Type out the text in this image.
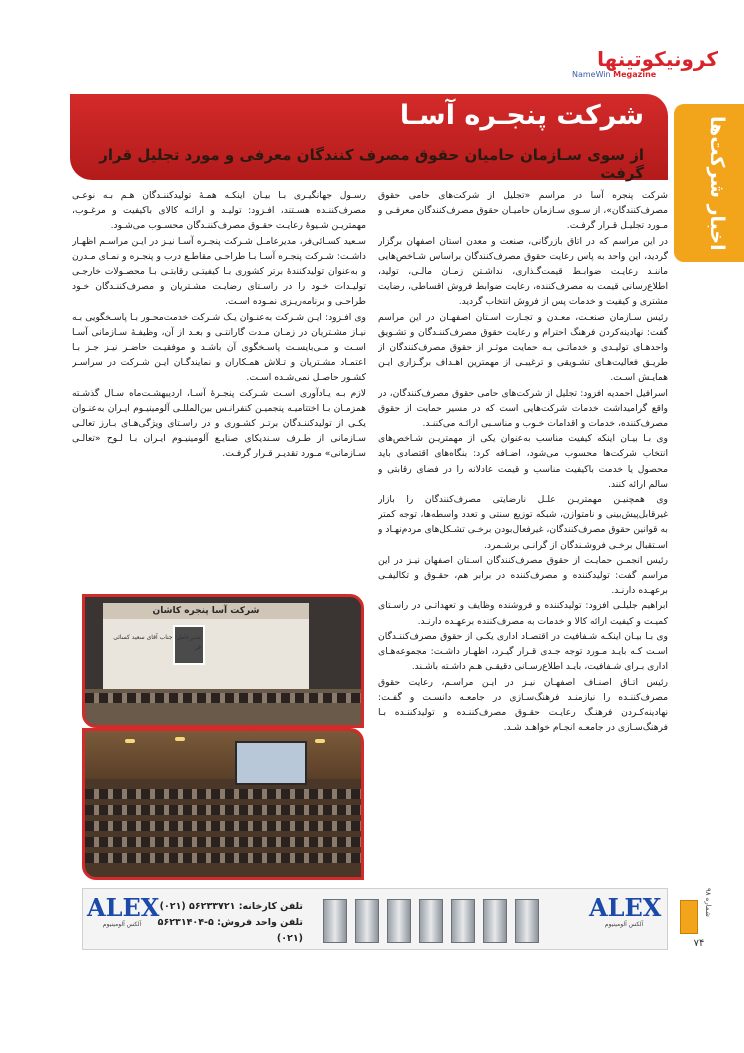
کرونیکو‌تینها
NameWin Megazine
اخبار شرکت‌ها
شرکت پنجـره آسـا
از سوی سـازمان حامیان حقوق مصرف کنندگان معرفی و مورد تجلیل قرار گرفت

شرکت پنجره آسا در مراسم «تجلیل از شرکت‌های حامی حقوق مصرف‌کنندگان»، از سـوی سـازمان حامیـان حقوق مصرف‌کنندگان معرفـی و مـورد تجلیـل قـرار گرفـت.

در این مراسم که در اتاق بازرگانی، صنعت و معدن استان اصفهان برگزار گردید، این واحد به پاس رعایت حقوق مصرف‌کنندگان براساس شـاخص‌هایی ماننـد رعایـت ضوابـط قیمت‌گـذاری، نداشـتن زمـان‌ مالـی، تولید، اطلاع‌رسانی قیمت به مصرف‌کننده، رعایت ضوابط فروش اقساطی، رضایت مشتری و کیفیت و خدمات پس از فروش انتخاب گردید.

رئیس سـازمان صنعـت، معـدن و تجـارت اسـتان اصفهـان در این مراسم گفت: نهادینه‌کردن فرهنگ احترام و رعایت حقوق مصرف‌کننـدگان و تشـویق واحدهـای تولیـدی و خدماتـی بـه حمایت موثـر از حقوق مصرف‌کنندگان از طریـق فعالیت‌هـای تشـویقی و ترغیبـی از مهمترین اهـداف برگـزاری ایـن همایـش اسـت.

اسرافیل احمدیه افزود: تجلیل از شرکت‌های حامی حقوق مصرف‌کنندگان، در واقع گرامیداشت خدمات شرکت‌هایی است که در مسیر حمایت از حقوق مصرف‌کننده، خدمات و اقدامات خـوب و مناسـبی ارائـه می‌کننـد.

وی بـا بیـان اینکه کیفیت مناسب به‌عنوان یکی از مهمتریـن شـاخص‌های انتخاب شرکت‌ها محسوب می‌شود، اضـافه کرد: بنگاه‌های اقتصادی باید محصول یا خدمت باکیفیت مناسب و قیمت عادلانه را در فضای رقابتی و سالم ارائه کنند.

وی همچنیـن مهمتریـن علـل نارضایتی مصرف‌کنندگان را بازار غیرقابل‌پیش‌بینی و نامتوازن، شبکه توزیع سنتی و تعدد واسطه‌ها، توجه کمتر به قوانین حقوق مصرف‌کنندگان، غیرفعال‌بودن برخـی تشـکل‌های مردم‌نهـاد و اسـتقبال برخـی فروشـندگان از گرانـی برشـمرد.

رئیس انجمـن حمایـت از حقوق مصرف‌کنندگان اسـتان اصفهان نیـز در این مراسم گفت: تولیدکننده و مصرف‌کننده در برابر هم، حقـوق و تکالیفـی برعهـده دارنـد.

ابراهیم جلیلـی افزود: تولیدکننده و فروشنده وظایف و تعهداتـی در راسـتای کمیـت و کیفیت ارائه کالا و خدمات به مصرف‌کننده برعهـده دارنـد.

وی بـا بیـان اینکـه شـفافیت در اقتصـاد اداری یکـی از حقوق مصرف‌کننـدگان اسـت کـه بایـد مـورد توجه جـدی قـرار گیـرد، اظهـار داشـت: مجموعه‌هـای اداری بـرای شـفافیت، بایـد اطلاع‌رسـانی دقیقـی هـم داشـته باشـند.

رئیس اتـاق اصنـاف اصفهـان نیـز در ایـن مراسـم، رعایت حقوق مصرف‌کننـده را نیازمنـد فرهنگ‌سـازی در جامعـه دانسـت و گفـت: نهادینه‌کـردن فرهنـگ رعایـت حقـوق مصرف‌کننـده و تولیدکننـده بـا فرهنگ‌سـازی در جامعـه انجـام خواهـد شـد.

رسـول جهانگیـری بـا بیـان اینکـه همـهٔ تولیدکننـدگان هـم بـه نوعـی مصرف‌کننـده هسـتند، افـزود: تولیـد و ارائـه کالای باکیفیت و مرغـوب، مهمتریـن شـیوهٔ رعایـت حقـوق مصرف‌کننـدگان محسـوب می‌شـود.

سـعید کسـائی‌فر، مدیرعامـل شـرکت پنجـره آسـا نیـز در ایـن مراسـم اظهـار داشـت: شـرکت پنجـره آسـا بـا طراحـی مقاطـع درب و پنجـره و نمـای مـدرن و به‌عنوان تولیدکنندهٔ برتر کشوری بـا کیفیتـی رقابتـی بـا محصـولات خارجـی تولیـدات خـود را در راسـتای رضایـت مشـتریان و مصرف‌کننـدگان خـود طراحـی و برنامه‌ریـزی نمـوده اسـت.

وی افـزود: ایـن شـرکت به‌عنـوان یـک شـرکت خدمت‌محـور بـا پاسـخگویی بـه نیـاز مشـتریان در زمـان مـدت گارانتـی و بعـد از آن، وظیفـهٔ سـازمانی آسـا اسـت و مـی‌بایسـت پاسـخگوی آن باشـد و موفقیـت حاضـر نیـز جـز بـا اعتمـاد مشـتریان و تـلاش همـکاران و نمایندگـان ایـن شـرکت در سراسـر کشـور حاصـل نمی‌شـده اسـت.

لازم بـه یـادآوری اسـت شـرکت پنجـرهٔ آسـا، اردیبهشـت‌ماه سـال گذشـته همزمـان بـا اختتامیـه پنجمیـن کنفرانـس بین‌المللـی آلومینیـوم ایـران به‌عنـوان یکـی از تولیدکننـدگان برتـر کشـوری و در راسـتای ویژگی‌هـای بـارز تعالـی سـازمانی از طـرف سـندیکای صنایـع آلومینیـوم ایـران بـا لـوح «تعالـی سـازمانی» مـورد تقدیـر قـرار گرفـت.

شرکت آسا پنجره کاشان
مدیرعامل: جناب آقای سعید کسائی فر
ALEX
آلکس آلومینیوم
تلفن کارخانه: ۵۶۲۳۳۷۲۱ (۰۲۱)
تلفن واحد فروش: ۵-۵۶۲۳۱۴۰۴ (۰۲۱)
ALEX
آلکس آلومینیوم
شماره ۹۸
۷۴
